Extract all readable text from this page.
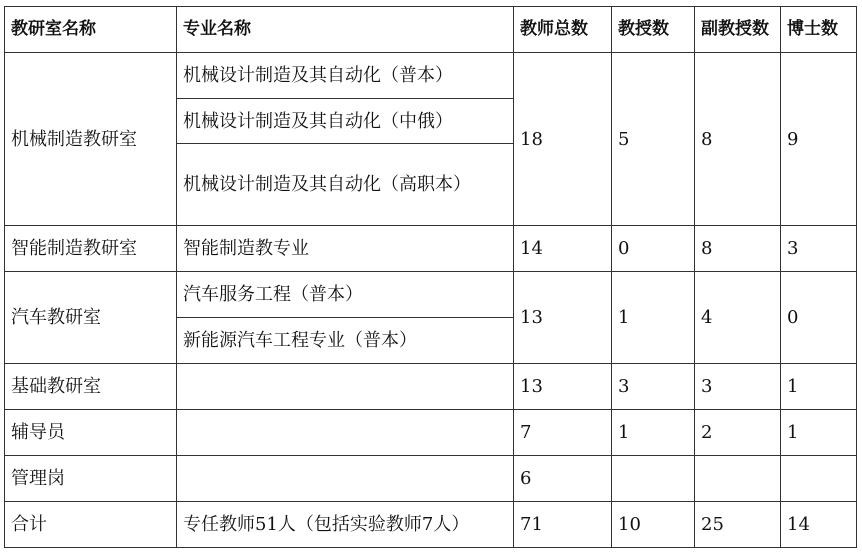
教研室名称	专业名称	教师总数	教授数	副教授数	博士数
机械制造教研室	机械设计制造及其自动化（普本）	18	5	8	9
	机械设计制造及其自动化（中俄）				
	机械设计制造及其自动化（高职本）				
智能制造教研室	智能制造教专业	14	0	8	3
汽车教研室	汽车服务工程（普本）	13	1	4	0
	新能源汽车工程专业（普本）				
基础教研室		13	3	3	1
辅导员		7	1	2	1
管理岗		6			
合计	专任教师51人（包括实验教师7人）	71	10	25	14
